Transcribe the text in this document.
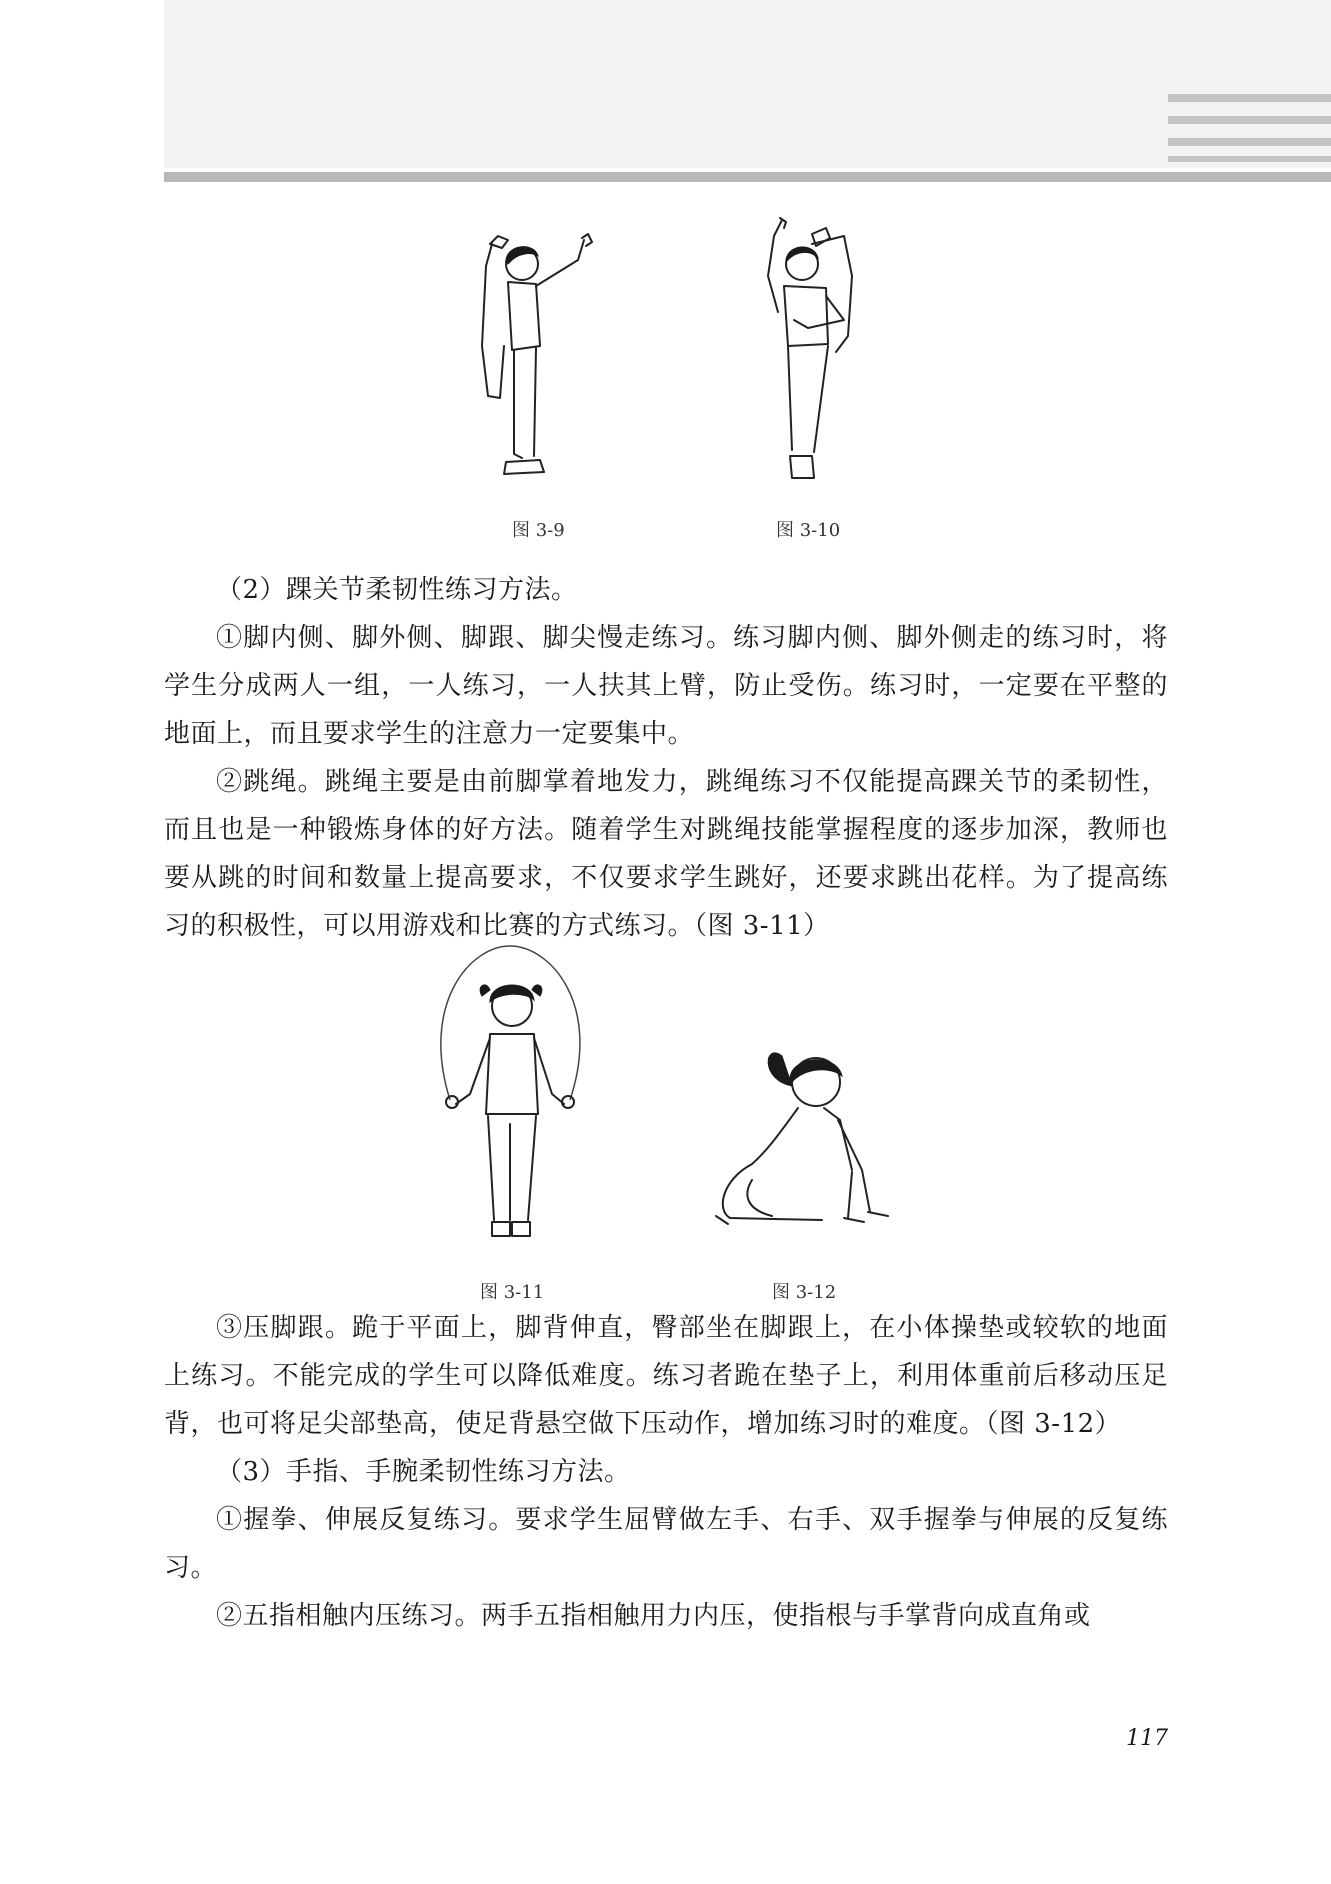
图 3-9	图 3-10

（2）踝关节柔韧性练习方法。

①脚内侧、脚外侧、脚跟、脚尖慢走练习。练习脚内侧、脚外侧走的练习时，将学生分成两人一组，一人练习，一人扶其上臂，防止受伤。练习时，一定要在平整的地面上，而且要求学生的注意力一定要集中。

②跳绳。跳绳主要是由前脚掌着地发力，跳绳练习不仅能提高踝关节的柔韧性，而且也是一种锻炼身体的好方法。随着学生对跳绳技能掌握程度的逐步加深，教师也要从跳的时间和数量上提高要求，不仅要求学生跳好，还要求跳出花样。为了提高练习的积极性，可以用游戏和比赛的方式练习。（图 3-11）

图 3-11	图 3-12

③压脚跟。跪于平面上，脚背伸直，臀部坐在脚跟上，在小体操垫或较软的地面上练习。不能完成的学生可以降低难度。练习者跪在垫子上，利用体重前后移动压足背，也可将足尖部垫高，使足背悬空做下压动作，增加练习时的难度。（图 3-12）

（3）手指、手腕柔韧性练习方法。

①握拳、伸展反复练习。要求学生屈臂做左手、右手、双手握拳与伸展的反复练习。

②五指相触内压练习。两手五指相触用力内压，使指根与手掌背向成直角或

117
